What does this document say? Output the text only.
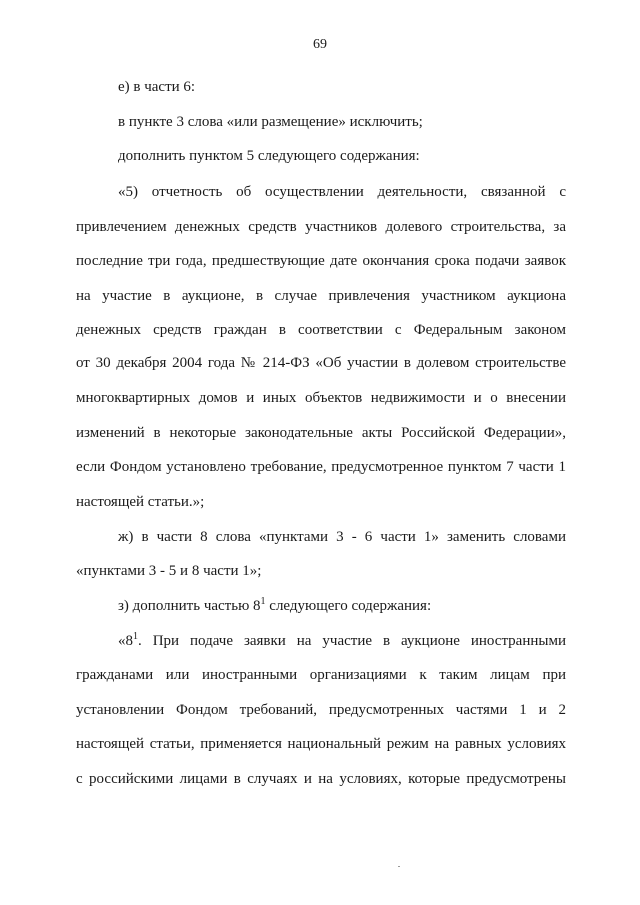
69
е) в части 6:
в пункте 3 слова «или размещение» исключить;
дополнить пунктом 5 следующего содержания:
«5) отчетность об осуществлении деятельности, связанной с
привлечением денежных средств участников долевого строительства, за
последние три года, предшествующие дате окончания срока подачи заявок
на участие в аукционе, в случае привлечения участником аукциона
денежных средств граждан в соответствии с Федеральным законом
от 30 декабря 2004 года № 214-ФЗ «Об участии в долевом строительстве
многоквартирных домов и иных объектов недвижимости и о внесении
изменений в некоторые законодательные акты Российской Федерации»,
если Фондом установлено требование, предусмотренное пунктом 7 части 1
настоящей статьи.»;
ж) в части 8 слова «пунктами 3 - 6 части 1» заменить словами
«пунктами 3 - 5 и 8 части 1»;
з) дополнить частью $8^1$ следующего содержания:
«$8^1$. При подаче заявки на участие в аукционе иностранными
гражданами или иностранными организациями к таким лицам при
установлении Фондом требований, предусмотренных частями 1 и 2
настоящей статьи, применяется национальный режим на равных условиях
с российскими лицами в случаях и на условиях, которые предусмотрены
